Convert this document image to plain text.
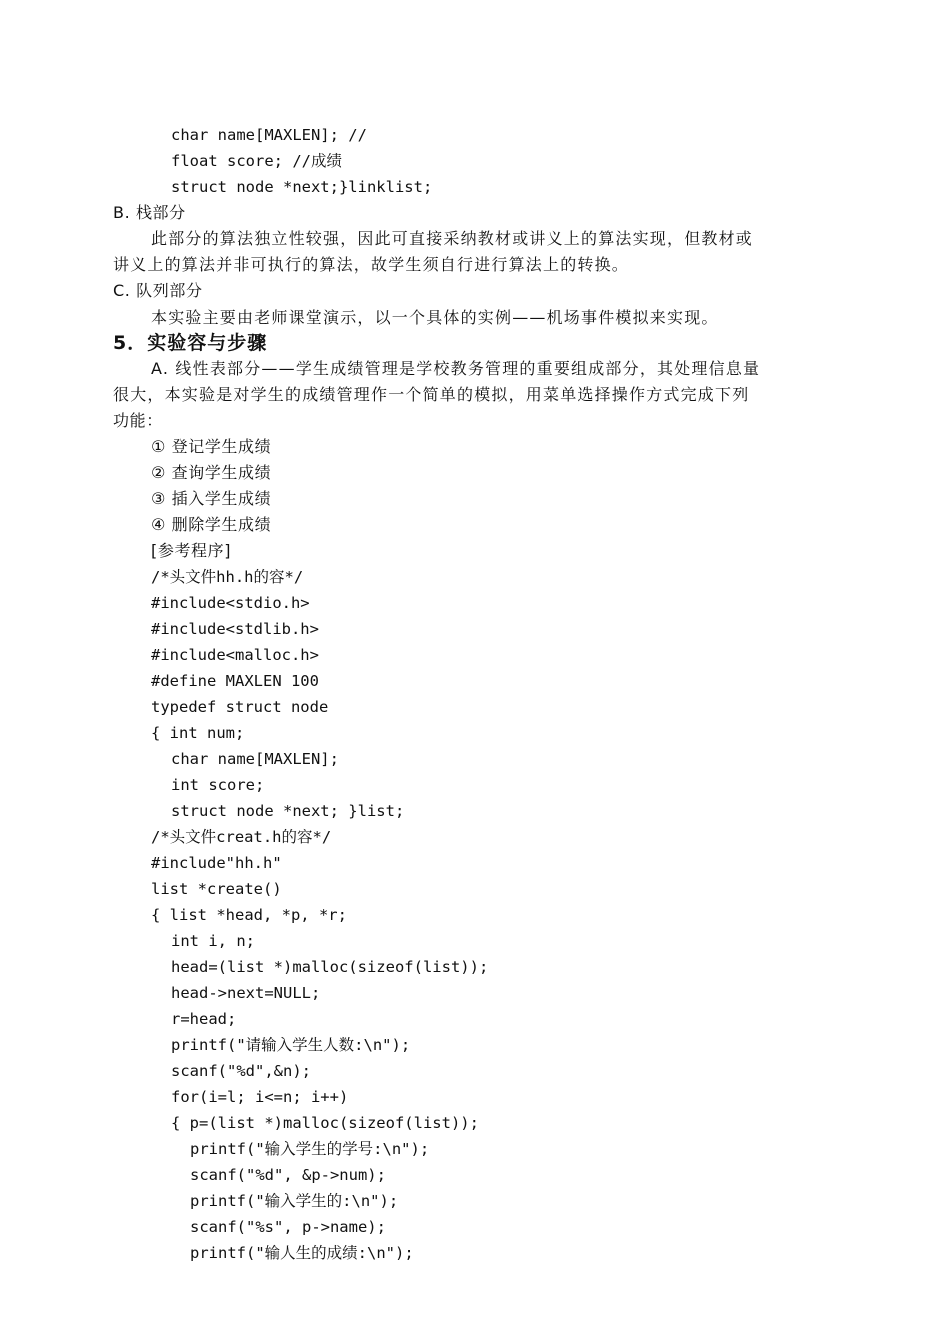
char name[MAXLEN]; //
float score; //成绩
struct node *next;}linklist;
B. 栈部分
此部分的算法独立性较强，因此可直接采纳教材或讲义上的算法实现，但教材或
讲义上的算法并非可执行的算法，故学生须自行进行算法上的转换。
C. 队列部分
本实验主要由老师课堂演示，以一个具体的实例——机场事件模拟来实现。
5．实验容与步骤
A. 线性表部分——学生成绩管理是学校教务管理的重要组成部分，其处理信息量
很大，本实验是对学生的成绩管理作一个简单的模拟，用菜单选择操作方式完成下列
功能：
① 登记学生成绩
② 查询学生成绩
③ 插入学生成绩
④ 删除学生成绩
[参考程序]
/*头文件hh.h的容*/
#include<stdio.h>
#include<stdlib.h>
#include<malloc.h>
#define MAXLEN 100
typedef struct node
{ int num;
char name[MAXLEN];
int score;
struct node *next; }list;
/*头文件creat.h的容*/
#include"hh.h"
list *create()
{ list *head, *p, *r;
int i, n;
head=(list *)malloc(sizeof(list));
head->next=NULL;
r=head;
printf("请输入学生人数:\n");
scanf("%d",&n);
for(i=l; i<=n; i++)
{ p=(list *)malloc(sizeof(list));
printf("输入学生的学号:\n");
scanf("%d", &p->num);
printf("输入学生的:\n");
scanf("%s", p->name);
printf("输人生的成绩:\n");
